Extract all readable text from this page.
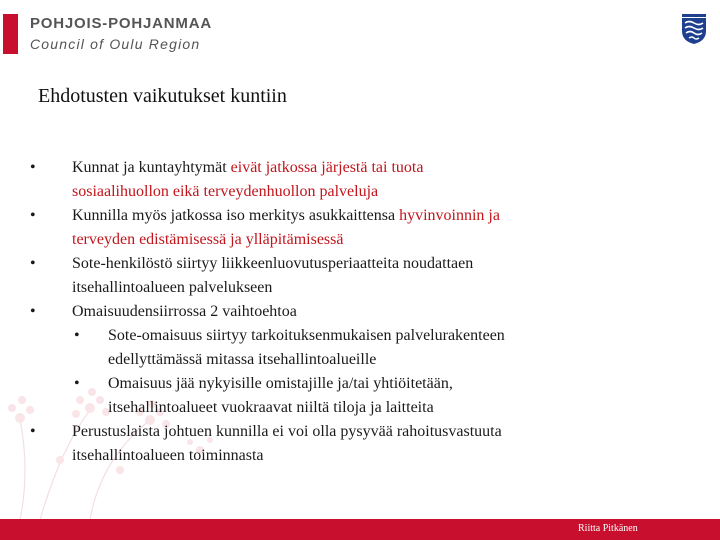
POHJOIS-POHJANMAA
Council of Oulu Region
Ehdotusten vaikutukset kuntiin
• Kunnat ja kuntayhtymät eivät jatkossa järjestä tai tuota
sosiaalihuollon eikä terveydenhuollon palveluja
• Kunnilla myös jatkossa iso merkitys asukkaittensa hyvinvoinnin ja
terveyden edistämisessä ja ylläpitämisessä
• Sote-henkilöstö siirtyy liikkeenluovutusperiaatteita noudattaen
itsehallintoalueen palvelukseen
• Omaisuudensiirrossa 2 vaihtoehtoa
• Sote-omaisuus siirtyy tarkoituksenmukaisen palvelurakenteen
edellyttämässä mitassa itsehallintoalueille
• Omaisuus jää nykyisille omistajille ja/tai yhtiöitetään,
itsehallintoalueet vuokraavat niiltä tiloja ja laitteita
• Perustuslaista johtuen kunnilla ei voi olla pysyvää rahoitusvastuuta
itsehallintoalueen toiminnasta
Riitta Pitkänen
